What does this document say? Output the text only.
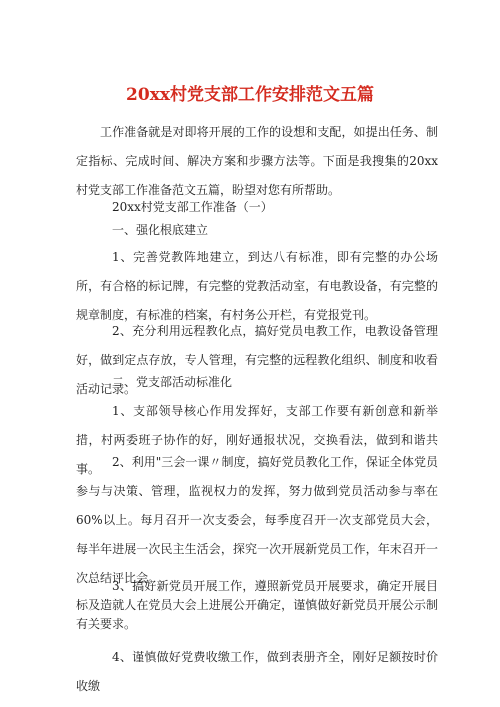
20xx村党支部工作安排范文五篇

工作准备就是对即将开展的工作的设想和支配，如提出任务、制定指标、完成时间、解决方案和步骤方法等。下面是我搜集的20xx村党支部工作准备范文五篇，盼望对您有所帮助。

20xx村党支部工作准备（一）

一、强化根底建立

1、完善党教阵地建立，到达八有标准，即有完整的办公场所，有合格的标记牌，有完整的党教活动室，有电教设备，有完整的规章制度，有标准的档案，有村务公开栏，有党报党刊。

2、充分利用远程教化点，搞好党员电教工作，电教设备管理好，做到定点存放，专人管理，有完整的远程教化组织、制度和收看活动记录。

二、党支部活动标准化

1、支部领导核心作用发挥好，支部工作要有新创意和新举措，村两委班子协作的好，刚好通报状况，交换看法，做到和谐共事。 2、利用"三会一课〃制度，搞好党员教化工作，保证全体党员参与与决策、管理，监视权力的发挥，努力做到党员活动参与率在60%以上。每月召开一次支委会，每季度召开一次支部党员大会，每半年进展一次民主生活会，探究一次开展新党员工作，年末召开一次总结评比会。

3、搞好新党员开展工作，遵照新党员开展要求，确定开展目标及造就人在党员大会上进展公开确定，谨慎做好新党员开展公示制有关要求。

4、谨慎做好党费收缴工作，做到表册齐全，刚好足额按时价收缴
